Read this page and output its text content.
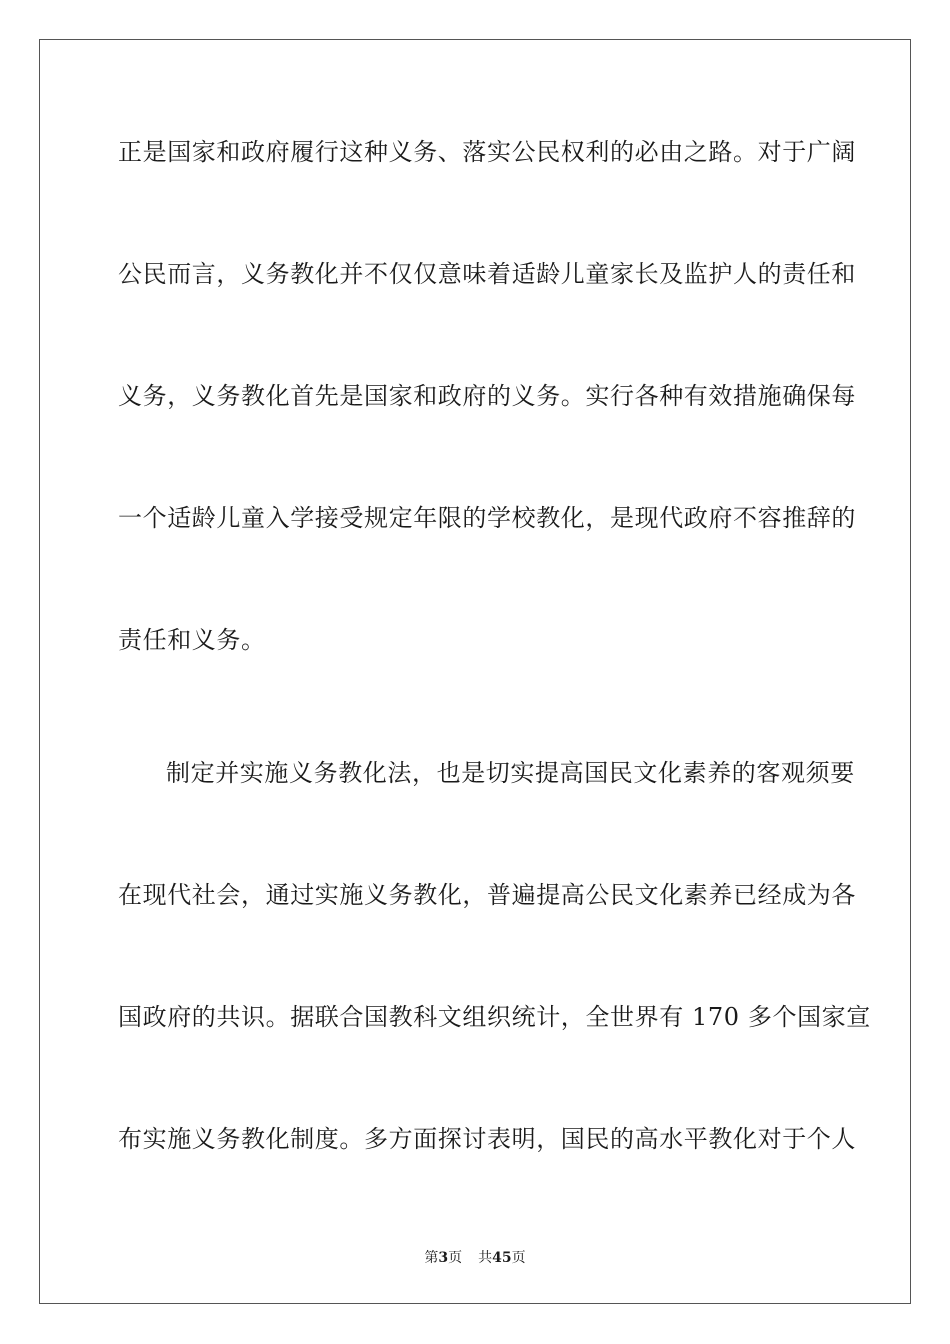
正是国家和政府履行这种义务、落实公民权利的必由之路。对于广阔
公民而言，义务教化并不仅仅意味着适龄儿童家长及监护人的责任和
义务，义务教化首先是国家和政府的义务。实行各种有效措施确保每
一个适龄儿童入学接受规定年限的学校教化，是现代政府不容推辞的
责任和义务。
制定并实施义务教化法，也是切实提高国民文化素养的客观须要
在现代社会，通过实施义务教化，普遍提高公民文化素养已经成为各
国政府的共识。据联合国教科文组织统计，全世界有 170 多个国家宣
布实施义务教化制度。多方面探讨表明，国民的高水平教化对于个人
第3页 共45页
